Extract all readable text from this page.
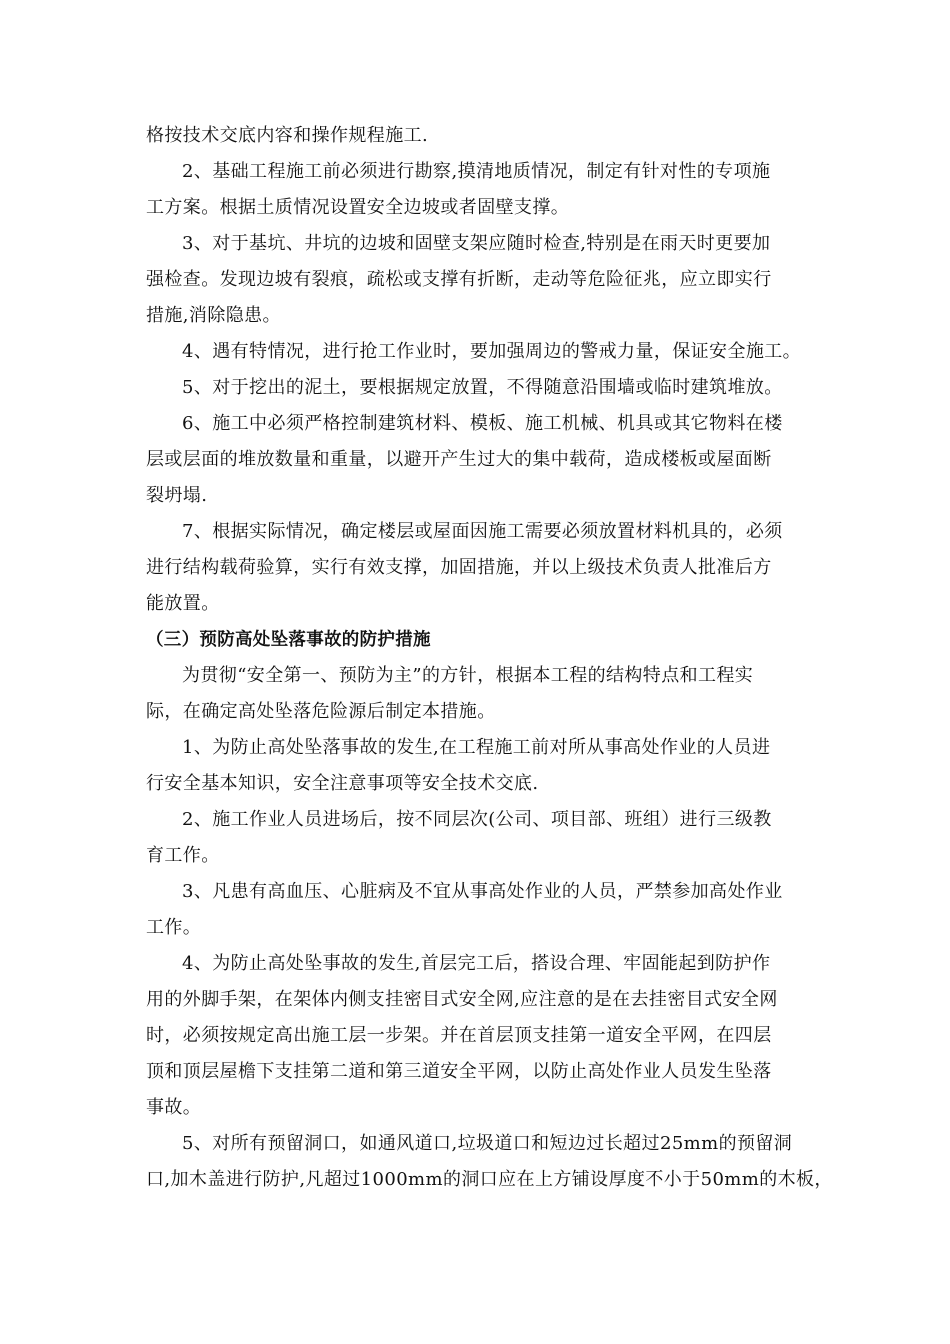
格按技术交底内容和操作规程施工.
2、基础工程施工前必须进行勘察,摸清地质情况，制定有针对性的专项施
工方案。根据土质情况设置安全边坡或者固壁支撑。
3、对于基坑、井坑的边坡和固壁支架应随时检查,特别是在雨天时更要加
强检查。发现边坡有裂痕，疏松或支撑有折断，走动等危险征兆，应立即实行
措施,消除隐患。
4、遇有特情况，进行抢工作业时，要加强周边的警戒力量，保证安全施工。
5、对于挖出的泥土，要根据规定放置，不得随意沿围墙或临时建筑堆放。
6、施工中必须严格控制建筑材料、模板、施工机械、机具或其它物料在楼
层或层面的堆放数量和重量，以避开产生过大的集中载荷，造成楼板或屋面断
裂坍塌.
7、根据实际情况，确定楼层或屋面因施工需要必须放置材料机具的，必须
进行结构载荷验算，实行有效支撑，加固措施，并以上级技术负责人批准后方
能放置。
（三）预防高处坠落事故的防护措施
为贯彻“安全第一、预防为主”的方针，根据本工程的结构特点和工程实
际，在确定高处坠落危险源后制定本措施。
1、为防止高处坠落事故的发生,在工程施工前对所从事高处作业的人员进
行安全基本知识，安全注意事项等安全技术交底.
2、施工作业人员进场后，按不同层次(公司、项目部、班组）进行三级教
育工作。
3、凡患有高血压、心脏病及不宜从事高处作业的人员，严禁参加高处作业
工作。
4、为防止高处坠事故的发生,首层完工后，搭设合理、牢固能起到防护作
用的外脚手架，在架体内侧支挂密目式安全网,应注意的是在去挂密目式安全网
时，必须按规定高出施工层一步架。并在首层顶支挂第一道安全平网，在四层
顶和顶层屋檐下支挂第二道和第三道安全平网，以防止高处作业人员发生坠落
事故。
5、对所有预留洞口，如通风道口,垃圾道口和短边过长超过25mm的预留洞
口,加木盖进行防护,凡超过1000mm的洞口应在上方铺设厚度不小于50mm的木板，
